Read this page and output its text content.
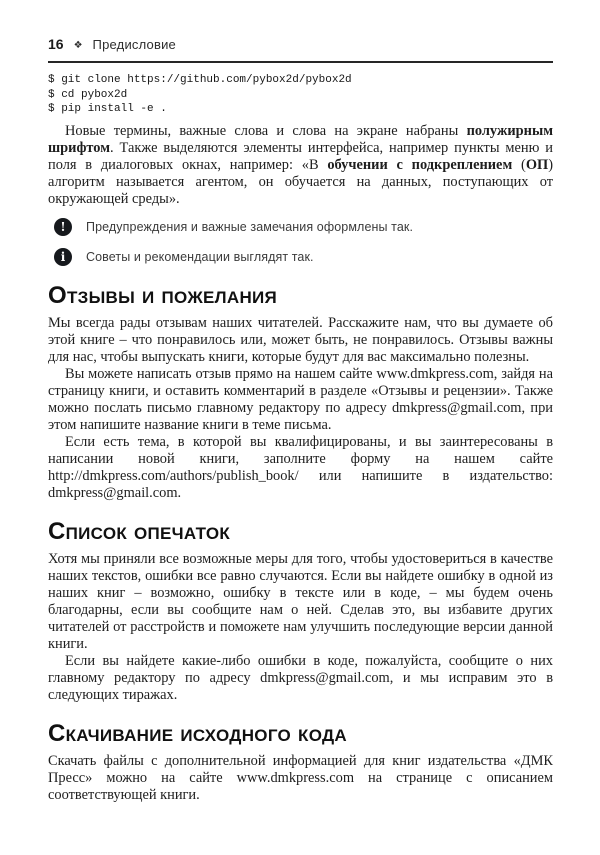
16 ❖ Предисловие
$ git clone https://github.com/pybox2d/pybox2d
$ cd pybox2d
$ pip install -e .

Новые термины, важные слова и слова на экране набраны полужирным шрифтом. Также выделяются элементы интерфейса, например пункты меню и поля в диалоговых окнах, например: «В обучении с подкреплением (ОП) алгоритм называется агентом, он обучается на данных, поступающих от окружающей среды».

! Предупреждения и важные замечания оформлены так.
i Советы и рекомендации выглядят так.
Отзывы и пожелания

Мы всегда рады отзывам наших читателей. Расскажите нам, что вы думаете об этой книге – что понравилось или, может быть, не понравилось. Отзывы важны для нас, чтобы выпускать книги, которые будут для вас максимально полезны.

Вы можете написать отзыв прямо на нашем сайте www.dmkpress.com, зайдя на страницу книги, и оставить комментарий в разделе «Отзывы и рецензии». Также можно послать письмо главному редактору по адресу dmkpress@gmail.com, при этом напишите название книги в теме письма.

Если есть тема, в которой вы квалифицированы, и вы заинтересованы в написании новой книги, заполните форму на нашем сайте http://dmkpress.com/authors/publish_book/ или напишите в издательство: dmkpress@gmail.com.

Список опечаток

Хотя мы приняли все возможные меры для того, чтобы удостовериться в качестве наших текстов, ошибки все равно случаются. Если вы найдете ошибку в одной из наших книг – возможно, ошибку в тексте или в коде, – мы будем очень благодарны, если вы сообщите нам о ней. Сделав это, вы избавите других читателей от расстройств и поможете нам улучшить последующие версии данной книги.

Если вы найдете какие-либо ошибки в коде, пожалуйста, сообщите о них главному редактору по адресу dmkpress@gmail.com, и мы исправим это в следующих тиражах.

Скачивание исходного кода

Скачать файлы с дополнительной информацией для книг издательства «ДМК Пресс» можно на сайте www.dmkpress.com на странице с описанием соответствующей книги.
